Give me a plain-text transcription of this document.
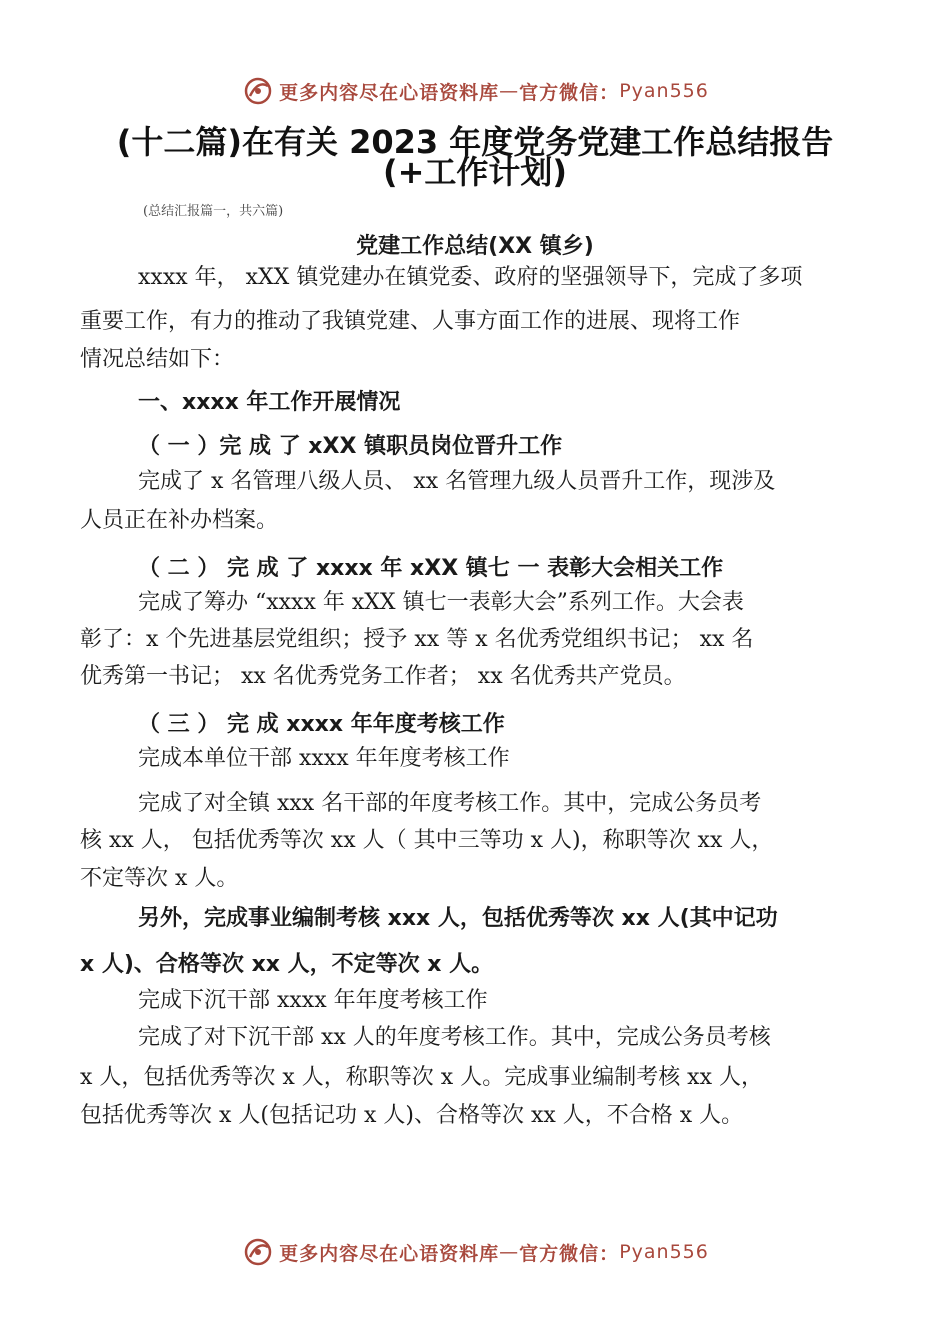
更多内容尽在心语资料库 — 官方微信： Pyan556
(十二篇)在有关 2023 年度党务党建工作总结报告
(+工作计划)
(总结汇报篇一，共六篇)
党建工作总结(XX 镇乡)
xxxx 年， xXX 镇党建办在镇党委、政府的坚强领导下，完成了多项
重要工作，有力的推动了我镇党建、人事方面工作的进展、现将工作
情况总结如下：
一、xxxx 年工作开展情况
（ 一 ）完 成 了 xXX 镇职员岗位晋升工作
完成了 x 名管理八级人员、 xx 名管理九级人员晋升工作，现涉及
人员正在补办档案。
（ 二 ） 完 成 了 xxxx 年 xXX 镇七 一 表彰大会相关工作
完成了筹办 “xxxx 年 xXX 镇七一表彰大会”系列工作。大会表
彰了：x 个先进基层党组织；授予 xx 等 x 名优秀党组织书记； xx 名
优秀第一书记； xx 名优秀党务工作者； xx 名优秀共产党员。
（ 三 ） 完 成 xxxx 年年度考核工作
完成本单位干部 xxxx 年年度考核工作
完成了对全镇 xxx 名干部的年度考核工作。其中，完成公务员考
核 xx 人， 包括优秀等次 xx 人（ 其中三等功 x 人)，称职等次 xx 人，
不定等次 x 人。
另外，完成事业编制考核 xxx 人，包括优秀等次 xx 人(其中记功
x 人)、合格等次 xx 人，不定等次 x 人。
完成下沉干部 xxxx 年年度考核工作
完成了对下沉干部 xx 人的年度考核工作。其中，完成公务员考核
x 人，包括优秀等次 x 人，称职等次 x 人。完成事业编制考核 xx 人，
包括优秀等次 x 人(包括记功 x 人)、合格等次 xx 人，不合格 x 人。
更多内容尽在心语资料库 — 官方微信： Pyan556
